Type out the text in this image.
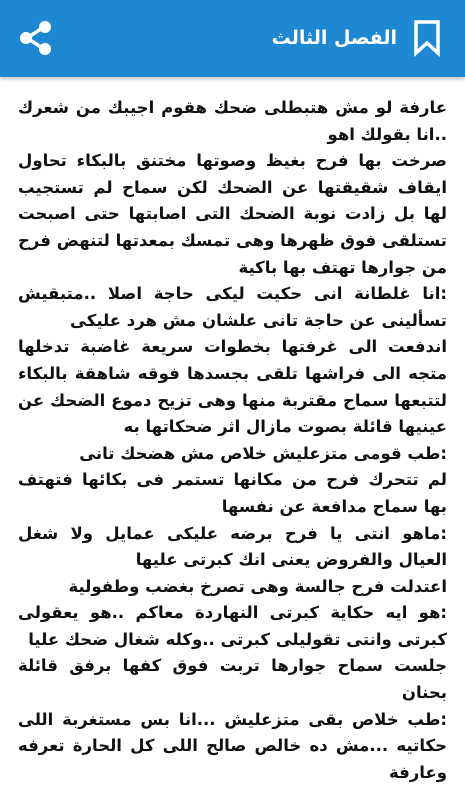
الفصل الثالث

عارفة لو مش هتبطلى ضحك هقوم اجيبك من شعرك ..انا بقولك اهو

صرخت بها فرح بغيظ وصوتها مختنق بالبكاء تحاول ايقاف شقيقتها عن الضحك لكن سماح لم تستجيب لها بل زادت نوبة الضحك التى اصابتها حتى اصبحت تستلقى فوق ظهرها وهى تمسك بمعدتها لتنهض فرح من جوارها تهتف بها باكية

:انا غلطانة انى حكيت ليكى حاجة اصلا ..متبقيش تسألينى عن حاجة تانى علشان مش هرد عليكى

اندفعت الى غرفتها بخطوات سريعة غاضبة تدخلها متجه الى فراشها تلقى بجسدها فوقه شاهقة بالبكاء لتتبعها سماح مقتربة منها وهى تزيح دموع الضحك عن عينيها قائلة بصوت مازال اثر ضحكاتها به

:طب قومى متزعليش خلاص مش هضحك تانى

لم تتحرك فرح من مكانها تستمر فى بكائها فتهتف بها سماح مدافعة عن نفسها

:ماهو انتى يا فرح برضه عليكى عمايل ولا شغل العيال والفروض يعنى انك كبرتى عليها

اعتدلت فرح جالسة وهى تصرخ بغضب وطفولية

:هو ايه حكاية كبرتى النهاردة معاكم ..هو يعقولى كبرتى وانتى تقوليلى كبرتى ..وكله شغال ضحك عليا

جلست سماح جوارها تربت فوق كفها برفق قائلة بحنان

:طب خلاص بقى متزعليش ...انا بس مستغربة اللى حكاتيه ...مش ده خالص صالح اللى كل الحارة تعرفه وعارفة
